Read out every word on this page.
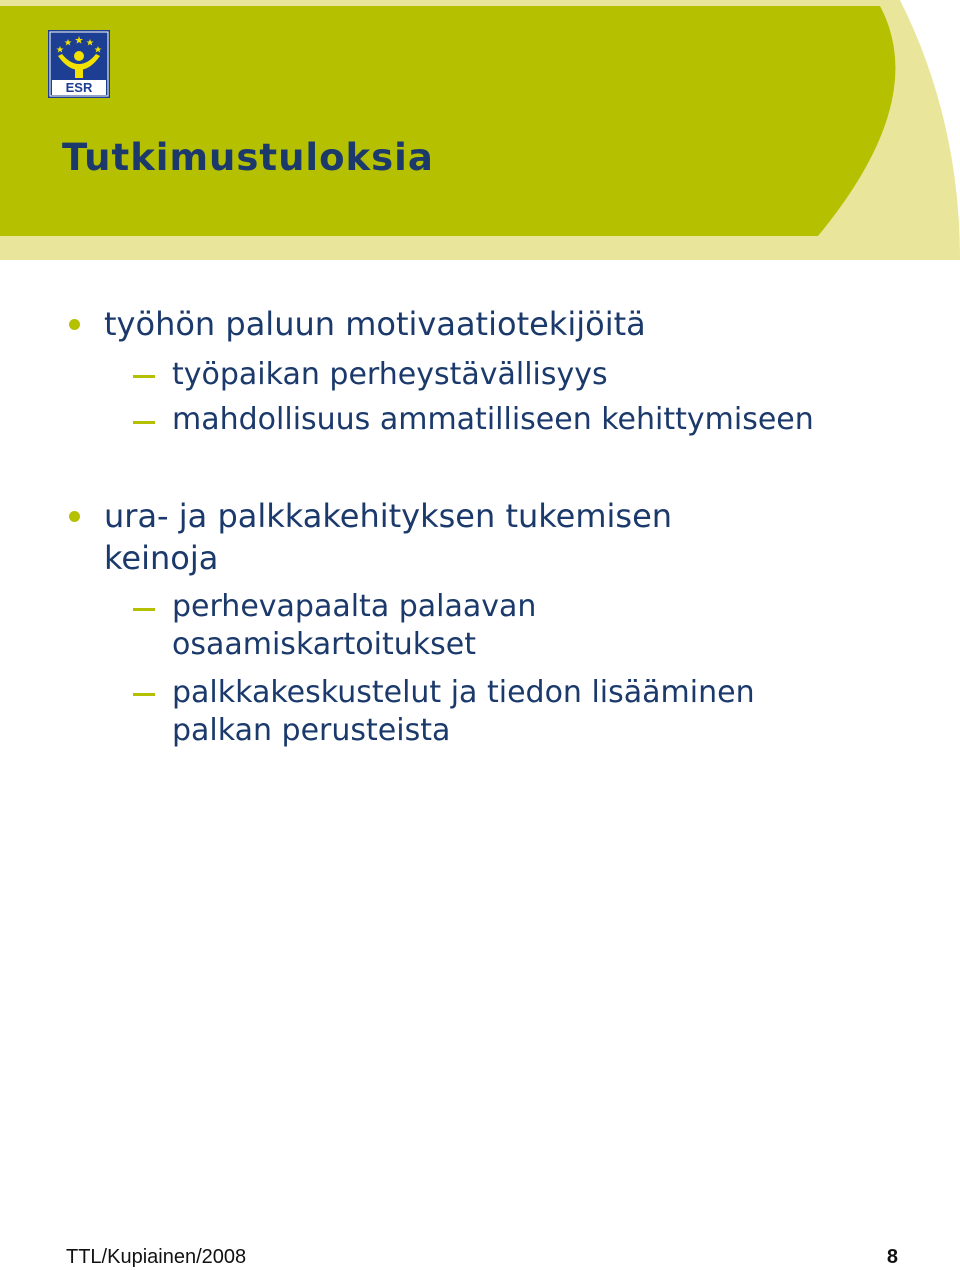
ESR
Tutkimustuloksia
työhön paluun motivaatiotekijöitä
työpaikan perheystävällisyys
mahdollisuus ammatilliseen kehittymiseen
ura- ja palkkakehityksen tukemisen
keinoja
perhevapaalta palaavan
osaamiskartoitukset
palkkakeskustelut ja tiedon lisääminen
palkan perusteista
TTL/Kupiainen/2008	8
